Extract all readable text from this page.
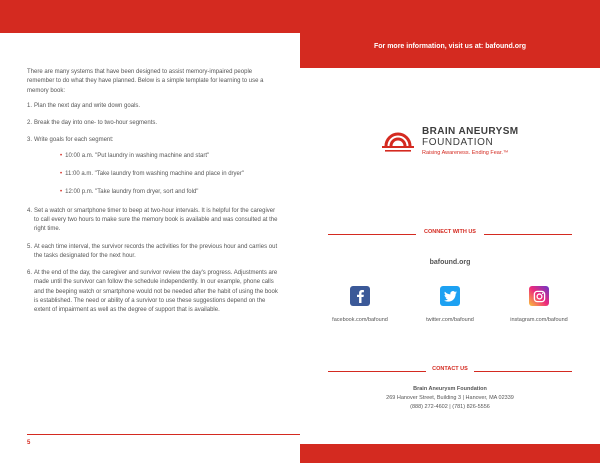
For more information, visit us at: bafound.org

There are many systems that have been designed to assist memory-impaired people remember to do what they have planned. Below is a simple template for learning to use a memory book:

1. Plan the next day and write down goals.
2. Break the day into one- to two-hour segments.
3. Write goals for each segment:
• 10:00 a.m. "Put laundry in washing machine and start"
• 11:00 a.m. "Take laundry from washing machine and place in dryer"
• 12:00 p.m. "Take laundry from dryer, sort and fold"
4. Set a watch or smartphone timer to beep at two-hour intervals. It is helpful for the caregiver to call every two hours to make sure the memory book is available and was consulted at the right time.
5. At each time interval, the survivor records the activities for the previous hour and carries out the tasks designated for the next hour.
6. At the end of the day, the caregiver and survivor review the day's progress. Adjustments are made until the survivor can follow the schedule independently. In our example, phone calls and the beeping watch or smartphone would not be needed after the habit of using the book is established. The need or ability of a survivor to use these suggestions depend on the extent of impairment as well as the degree of support that is available.
5
BRAIN ANEURYSM
FOUNDATION
Raising Awareness. Ending Fear.™
CONNECT WITH US
bafound.org
facebook.com/bafound	twitter.com/bafound	instagram.com/bafound
CONTACT US
Brain Aneurysm Foundation
269 Hanover Street, Building 3 | Hanover, MA 02339
(888) 272-4602 | (781) 826-5556
